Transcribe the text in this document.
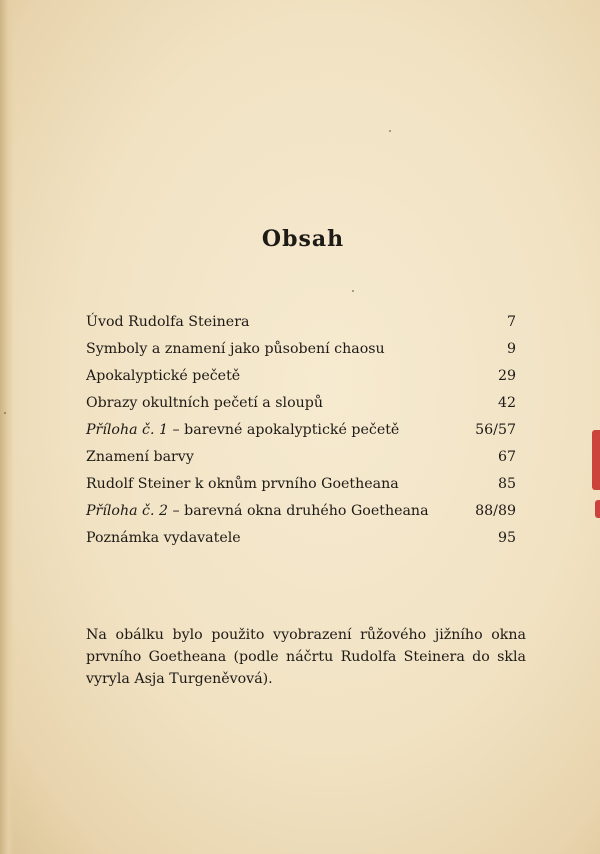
Obsah
Úvod Rudolfa Steinera	7
Symboly a znamení jako působení chaosu	9
Apokalyptické pečetě	29
Obrazy okultních pečetí a sloupů	42
Příloha č. 1 – barevné apokalyptické pečetě	56/57
Znamení barvy	67
Rudolf Steiner k oknům prvního Goetheana	85
Příloha č. 2 – barevná okna druhého Goetheana	88/89
Poznámka vydavatele	95
Na obálku bylo použito vyobrazení růžového jižního okna prvního Goetheana (podle náčrtu Rudolfa Steinera do skla vyryla Asja Turgeněvová).
